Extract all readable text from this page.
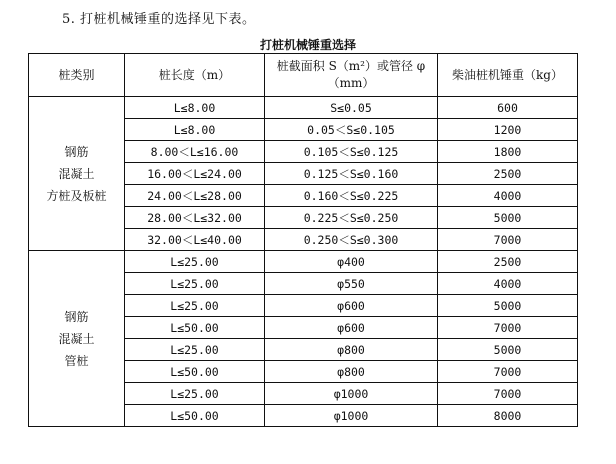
5. 打桩机械锤重的选择见下表。
打桩机械锤重选择
桩类别	桩长度（m）	桩截面积 S（m²）或管径 φ
（mm）	柴油桩机锤重（kg）

钢筋
混凝土
方桩及板桩	L≤8.00	S≤0.05	600
	L≤8.00	0.05＜S≤0.105	1200
	8.00＜L≤16.00	0.105＜S≤0.125	1800
	16.00＜L≤24.00	0.125＜S≤0.160	2500
	24.00＜L≤28.00	0.160＜S≤0.225	4000
	28.00＜L≤32.00	0.225＜S≤0.250	5000
	32.00＜L≤40.00	0.250＜S≤0.300	7000

钢筋
混凝土
管桩	L≤25.00	φ400	2500
	L≤25.00	φ550	4000
	L≤25.00	φ600	5000
	L≤50.00	φ600	7000
	L≤25.00	φ800	5000
	L≤50.00	φ800	7000
	L≤25.00	φ1000	7000
	L≤50.00	φ1000	8000
